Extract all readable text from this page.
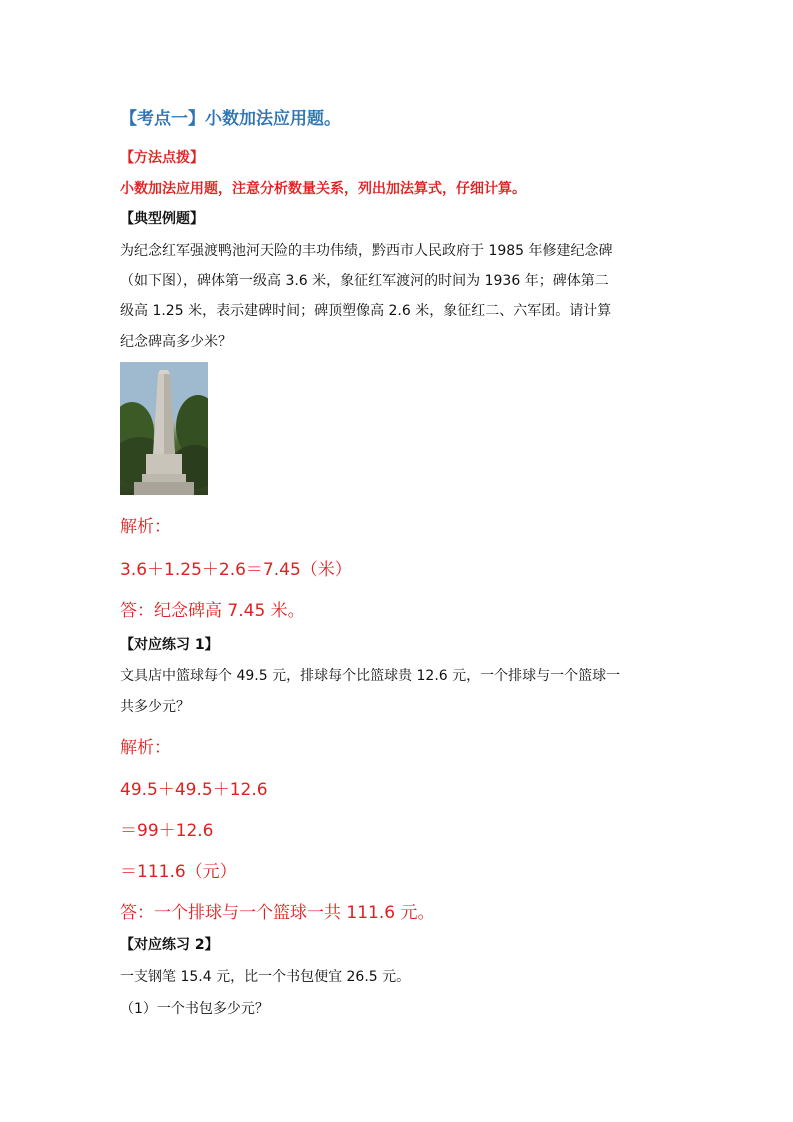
【考点一】小数加法应用题。
【方法点拨】
小数加法应用题，注意分析数量关系，列出加法算式，仔细计算。
【典型例题】
为纪念红军强渡鸭池河天险的丰功伟绩，黔西市人民政府于 1985 年修建纪念碑
（如下图），碑体第一级高 3.6 米，象征红军渡河的时间为 1936 年；碑体第二
级高 1.25 米，表示建碑时间；碑顶塑像高 2.6 米，象征红二、六军团。请计算
纪念碑高多少米？
解析：
3.6＋1.25＋2.6＝7.45（米）
答：纪念碑高 7.45 米。
【对应练习 1】
文具店中篮球每个 49.5 元，排球每个比篮球贵 12.6 元，一个排球与一个篮球一
共多少元？
解析：
49.5＋49.5＋12.6
＝99＋12.6
＝111.6（元）
答：一个排球与一个篮球一共 111.6 元。
【对应练习 2】
一支钢笔 15.4 元，比一个书包便宜 26.5 元。
（1）一个书包多少元？
